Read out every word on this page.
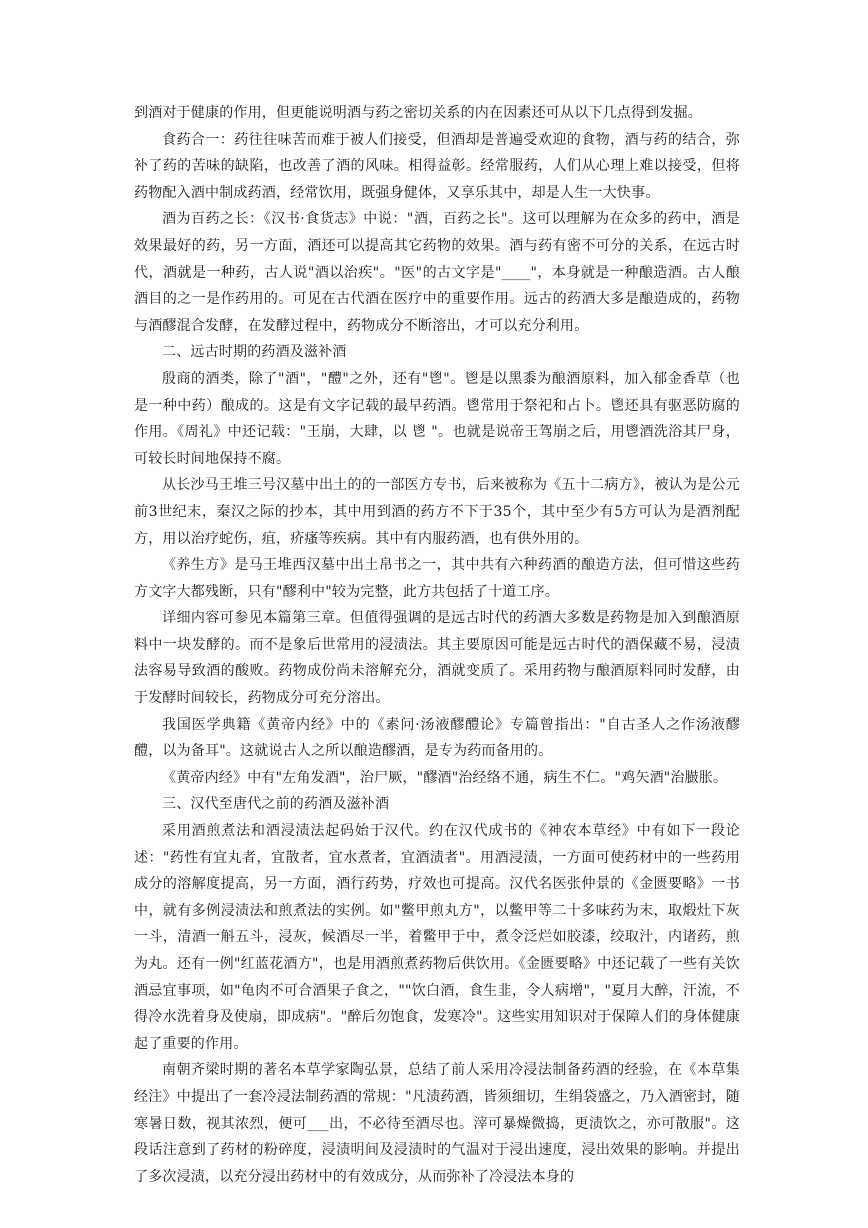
到酒对于健康的作用，但更能说明酒与药之密切关系的内在因素还可从以下几点得到发掘。

食药合一：药往往味苦而难于被人们接受，但酒却是普遍受欢迎的食物，酒与药的结合，弥补了药的苦味的缺陷，也改善了酒的风味。相得益彰。经常服药，人们从心理上难以接受，但将药物配入酒中制成药酒，经常饮用，既强身健体，又享乐其中，却是人生一大快事。

酒为百药之长：《汉书·食货志》中说："酒，百药之长"。这可以理解为在众多的药中，酒是效果最好的药，另一方面，酒还可以提高其它药物的效果。酒与药有密不可分的关系，在远古时代，酒就是一种药，古人说"酒以治疾"。"医"的古文字是"____"，本身就是一种酿造酒。古人酿酒目的之一是作药用的。可见在古代酒在医疗中的重要作用。远古的药酒大多是酿造成的，药物与酒醪混合发酵，在发酵过程中，药物成分不断溶出，才可以充分利用。

二、远古时期的药酒及滋补酒

殷商的酒类，除了"酒"，"醴"之外，还有"鬯"。鬯是以黑黍为酿酒原料，加入郁金香草（也是一种中药）酿成的。这是有文字记载的最早药酒。鬯常用于祭祀和占卜。鬯还具有驱恶防腐的作用。《周礼》中还记载："王崩，大肆，以 鬯 "。也就是说帝王驾崩之后，用鬯酒洗浴其尸身，可较长时间地保持不腐。

从长沙马王堆三号汉墓中出土的的一部医方专书，后来被称为《五十二病方》，被认为是公元前3世纪末，秦汉之际的抄本，其中用到酒的药方不下于35个，其中至少有5方可认为是酒剂配方，用以治疗蛇伤，疽，疥瘙等疾病。其中有内服药酒，也有供外用的。

《养生方》是马王堆西汉墓中出土帛书之一，其中共有六种药酒的酿造方法，但可惜这些药方文字大都残断，只有"醪利中"较为完整，此方共包括了十道工序。

详细内容可参见本篇第三章。但值得强调的是远古时代的药酒大多数是药物是加入到酿酒原料中一块发酵的。而不是象后世常用的浸渍法。其主要原因可能是远古时代的酒保藏不易，浸渍法容易导致酒的酸败。药物成份尚未溶解充分，酒就变质了。采用药物与酿酒原料同时发酵，由于发酵时间较长，药物成分可充分溶出。

我国医学典籍《黄帝内经》中的《素问·汤液醪醴论》专篇曾指出："自古圣人之作汤液醪醴，以为备耳"。这就说古人之所以酿造醪酒，是专为药而备用的。

《黄帝内经》中有"左角发酒"，治尸厥，"醪酒"治经络不通，病生不仁。"鸡矢酒"治臌胀。

三、汉代至唐代之前的药酒及滋补酒

采用酒煎煮法和酒浸渍法起码始于汉代。约在汉代成书的《神农本草经》中有如下一段论述："药性有宜丸者，宜散者，宜水煮者，宜酒渍者"。用酒浸渍，一方面可使药材中的一些药用成分的溶解度提高，另一方面，酒行药势，疗效也可提高。汉代名医张仲景的《金匮要略》一书中，就有多例浸渍法和煎煮法的实例。如"鳖甲煎丸方"，以鳖甲等二十多味药为末，取煅灶下灰一斗，清酒一斛五斗，浸灰，候酒尽一半，着鳖甲于中，煮令泛烂如胶漆，绞取汁，内诸药，煎为丸。还有一例"红蓝花酒方"，也是用酒煎煮药物后供饮用。《金匮要略》中还记载了一些有关饮酒忌宜事项，如"龟肉不可合酒果子食之，""饮白酒，食生韭，令人病增"，"夏月大醉，汗流，不得冷水洗着身及使扇，即成病"。"醉后勿饱食，发寒冷"。这些实用知识对于保障人们的身体健康起了重要的作用。

南朝齐梁时期的著名本草学家陶弘景，总结了前人采用冷浸法制备药酒的经验，在《本草集经注》中提出了一套冷浸法制药酒的常规："凡渍药酒，皆须细切，生绢袋盛之，乃入酒密封，随寒暑日数，视其浓烈，便可___出，不必待至酒尽也。滓可暴燥微捣，更渍饮之，亦可散服"。这段话注意到了药材的粉碎度，浸渍明间及浸渍时的气温对于浸出速度，浸出效果的影响。并提出了多次浸渍，以充分浸出药材中的有效成分，从而弥补了冷浸法本身的
